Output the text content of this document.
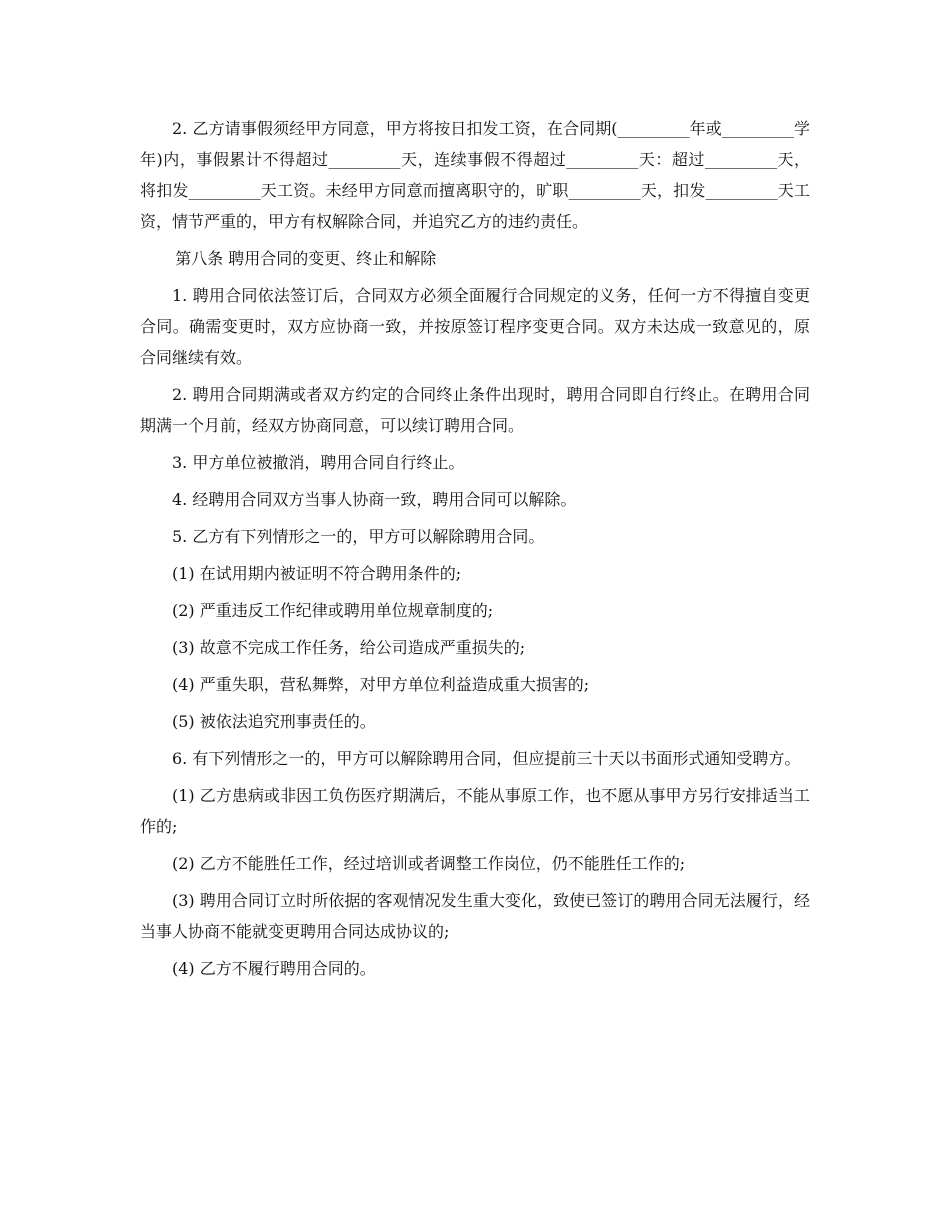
2. 乙方请事假须经甲方同意，甲方将按日扣发工资，在合同期(_________年或_________学年)内，事假累计不得超过_________天，连续事假不得超过_________天：超过_________天，将扣发_________天工资。未经甲方同意而擅离职守的，旷职_________天，扣发_________天工资，情节严重的，甲方有权解除合同，并追究乙方的违约责任。

第八条 聘用合同的变更、终止和解除

1. 聘用合同依法签订后，合同双方必须全面履行合同规定的义务，任何一方不得擅自变更合同。确需变更时，双方应协商一致，并按原签订程序变更合同。双方未达成一致意见的，原合同继续有效。

2. 聘用合同期满或者双方约定的合同终止条件出现时，聘用合同即自行终止。在聘用合同期满一个月前，经双方协商同意，可以续订聘用合同。

3. 甲方单位被撤消，聘用合同自行终止。

4. 经聘用合同双方当事人协商一致，聘用合同可以解除。

5. 乙方有下列情形之一的，甲方可以解除聘用合同。

(1) 在试用期内被证明不符合聘用条件的;

(2) 严重违反工作纪律或聘用单位规章制度的;

(3) 故意不完成工作任务，给公司造成严重损失的;

(4) 严重失职，营私舞弊，对甲方单位利益造成重大损害的;

(5) 被依法追究刑事责任的。

6. 有下列情形之一的，甲方可以解除聘用合同，但应提前三十天以书面形式通知受聘方。

(1) 乙方患病或非因工负伤医疗期满后，不能从事原工作，也不愿从事甲方另行安排适当工作的;

(2) 乙方不能胜任工作，经过培训或者调整工作岗位，仍不能胜任工作的;

(3) 聘用合同订立时所依据的客观情况发生重大变化，致使已签订的聘用合同无法履行，经当事人协商不能就变更聘用合同达成协议的;

(4) 乙方不履行聘用合同的。
